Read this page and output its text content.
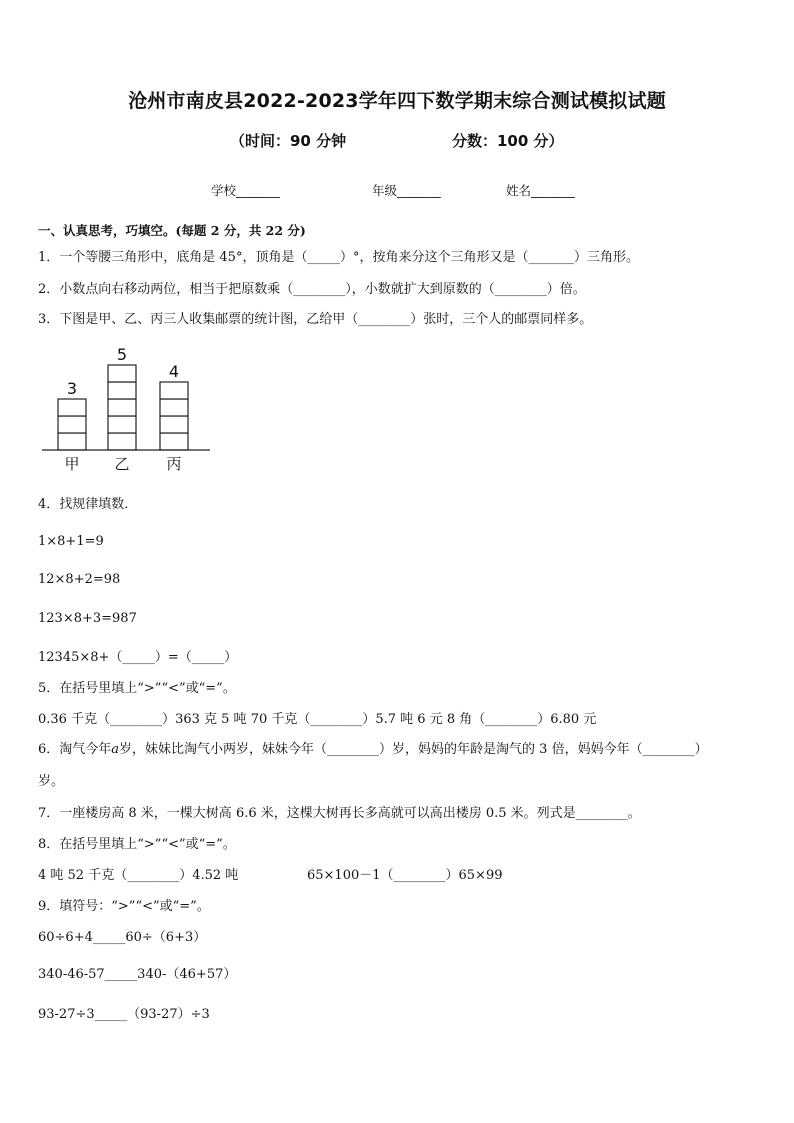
沧州市南皮县2022-2023学年四下数学期末综合测试模拟试题
（时间：90 分钟	分数：100 分）
学校_______	年级_______	姓名_______
一、认真思考，巧填空。(每题 2 分，共 22 分)
1．一个等腰三角形中，底角是 45°，顶角是（_____）°，按角来分这个三角形又是（_______）三角形。
2．小数点向右移动两位，相当于把原数乘（________），小数就扩大到原数的（________）倍。
3．下图是甲、乙、丙三人收集邮票的统计图，乙给甲（________）张时，三个人的邮票同样多。
3
甲
5
乙
4
丙
4．找规律填数．
1×8+1=9
12×8+2=98
123×8+3=987
12345×8+（_____）=（_____）
5．在括号里填上“>”“<”或“=”。
0.36 千克（________）363 克 5 吨 70 千克（________）5.7 吨 6 元 8 角（________）6.80 元
6．淘气今年a岁，妹妹比淘气小两岁，妹妹今年（________）岁，妈妈的年龄是淘气的 3 倍，妈妈今年（________）
岁。
7．一座楼房高 8 米，一棵大树高 6.6 米，这棵大树再长多高就可以高出楼房 0.5 米。列式是________。
8．在括号里填上“>”“<”或“=”。
4 吨 52 千克（________）4.52 吨	65×100－1（________）65×99
9．填符号：“>”“<”或“=”。
60÷6+4_____60÷（6+3）
340-46-57_____340-（46+57）
93-27÷3_____（93-27）÷3
